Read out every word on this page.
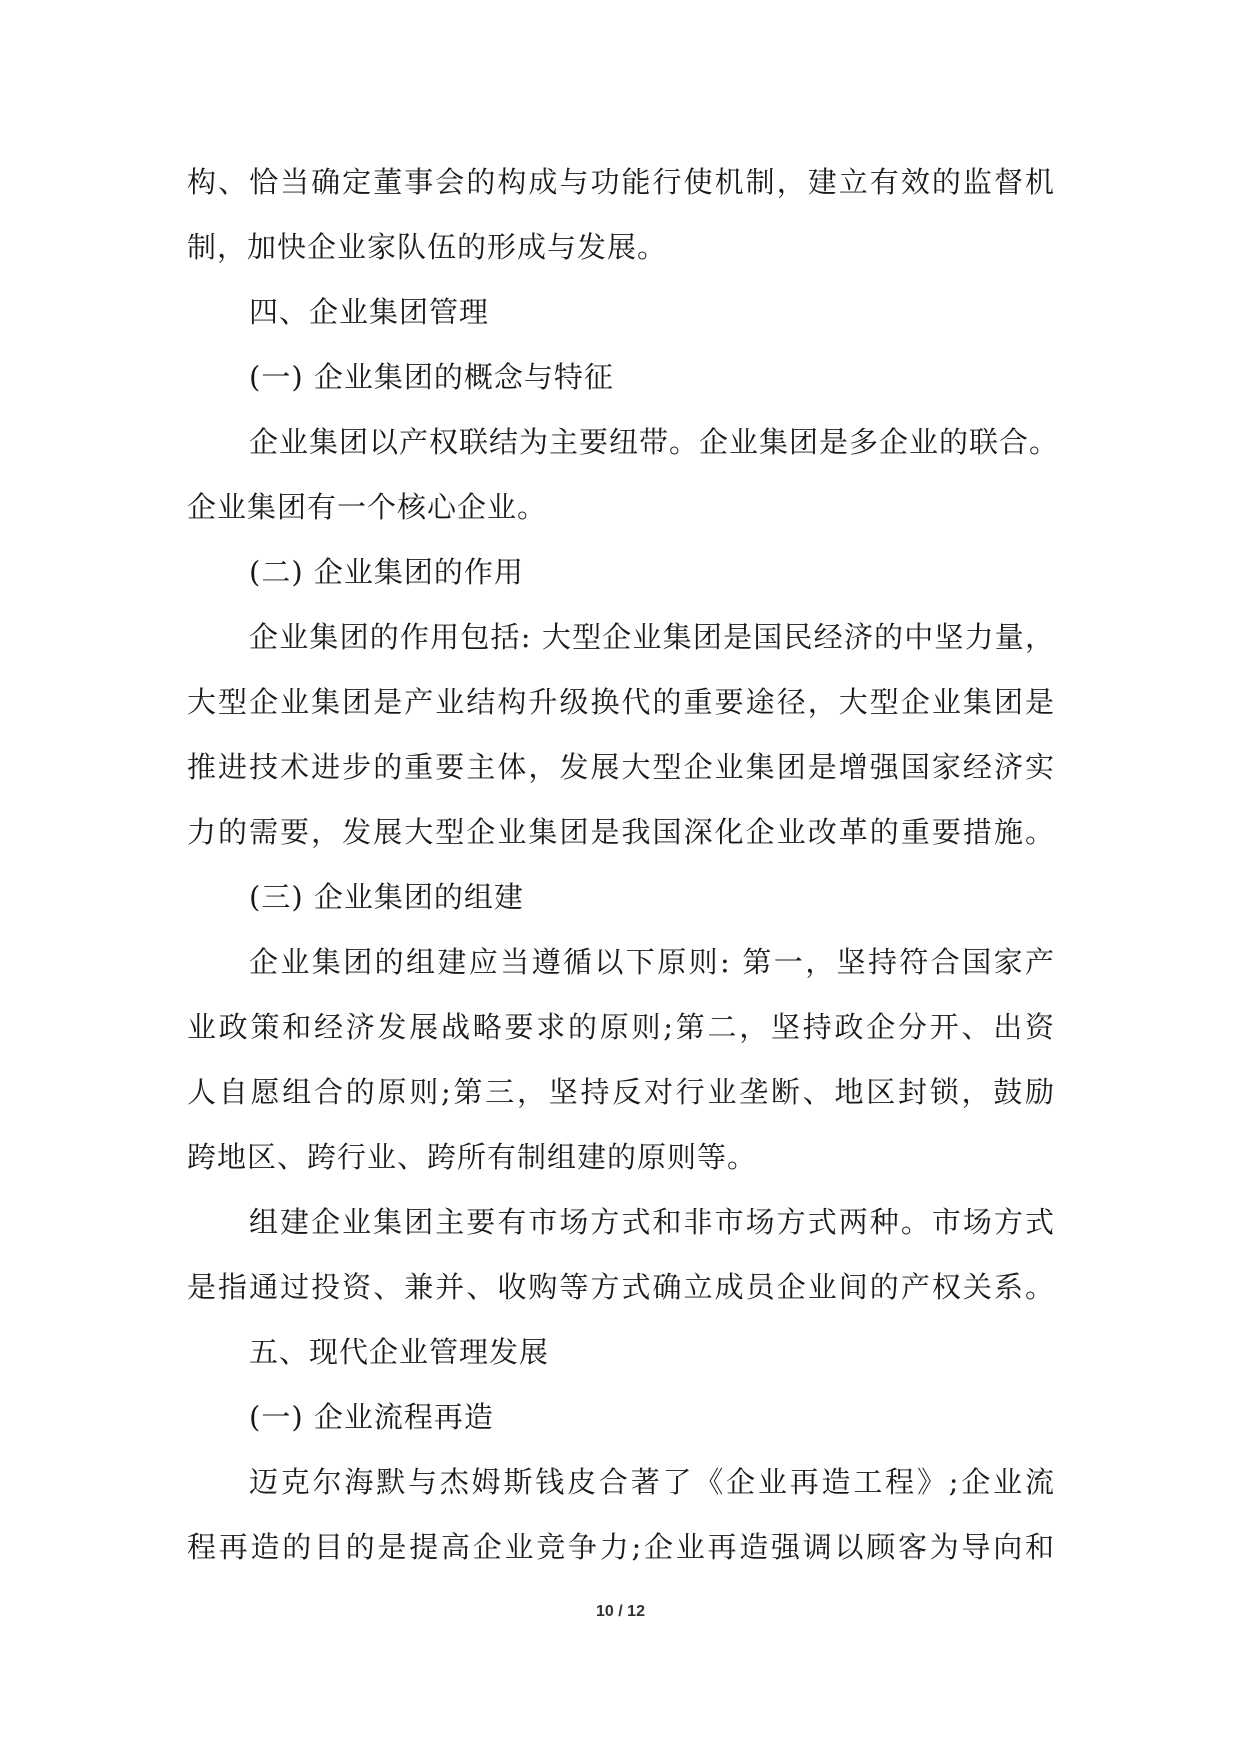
构、恰当确定董事会的构成与功能行使机制，建立有效的监督机
制，加快企业家队伍的形成与发展。
四、企业集团管理
(一) 企业集团的概念与特征
企业集团以产权联结为主要纽带。企业集团是多企业的联合。
企业集团有一个核心企业。
(二) 企业集团的作用
企业集团的作用包括: 大型企业集团是国民经济的中坚力量，
大型企业集团是产业结构升级换代的重要途径，大型企业集团是
推进技术进步的重要主体，发展大型企业集团是增强国家经济实
力的需要，发展大型企业集团是我国深化企业改革的重要措施。
(三) 企业集团的组建
企业集团的组建应当遵循以下原则: 第一，坚持符合国家产
业政策和经济发展战略要求的原则;第二，坚持政企分开、出资
人自愿组合的原则;第三，坚持反对行业垄断、地区封锁，鼓励
跨地区、跨行业、跨所有制组建的原则等。
组建企业集团主要有市场方式和非市场方式两种。市场方式
是指通过投资、兼并、收购等方式确立成员企业间的产权关系。
五、现代企业管理发展
(一) 企业流程再造
迈克尔海默与杰姆斯钱皮合著了《企业再造工程》;企业流
程再造的目的是提高企业竞争力;企业再造强调以顾客为导向和
10 / 12
